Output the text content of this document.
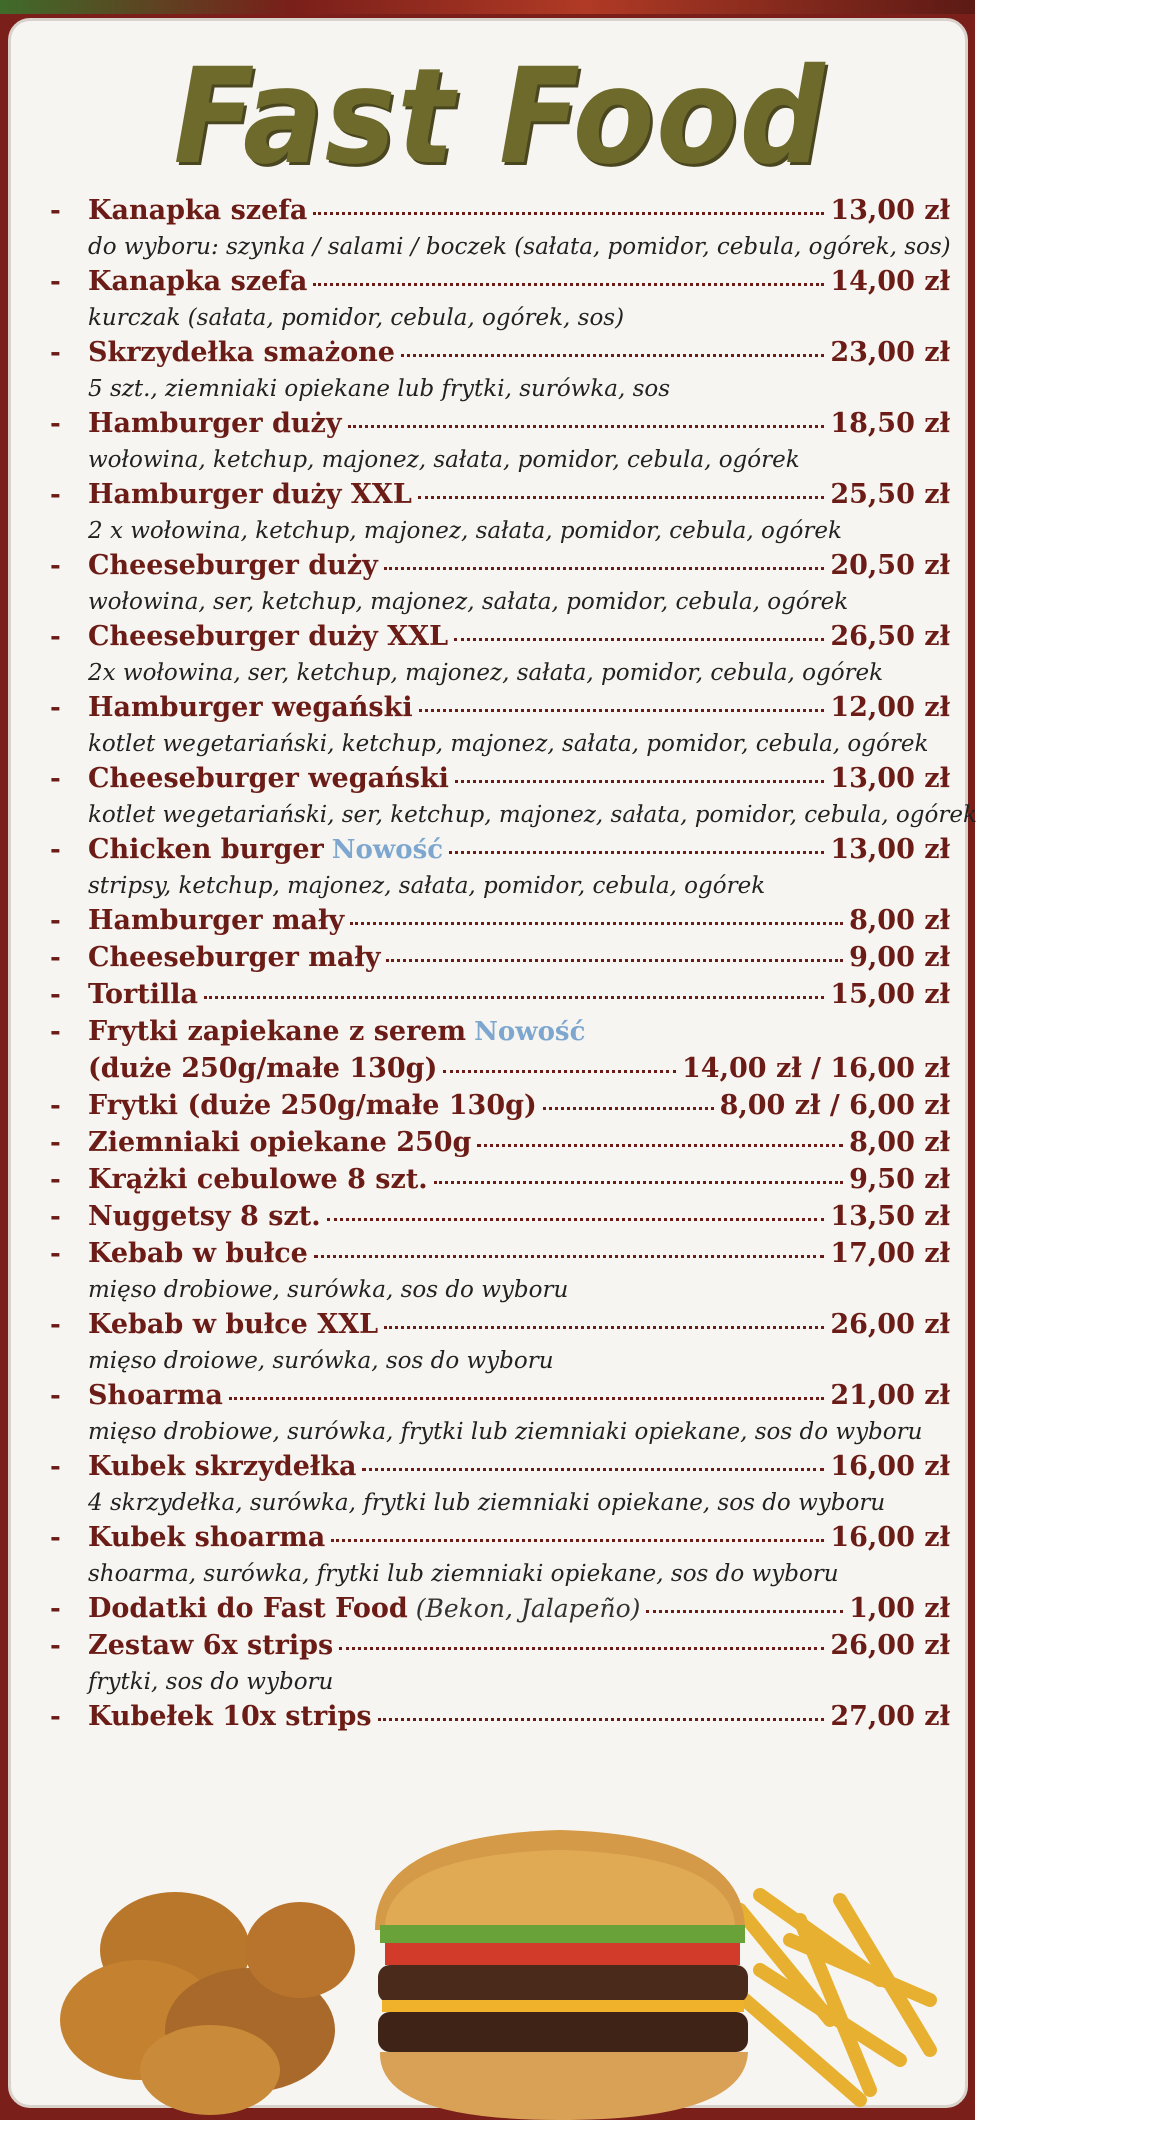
Fast Food
-	Kanapka szefa	13,00 zł
do wyboru: szynka / salami / boczek (sałata, pomidor, cebula, ogórek, sos)
-	Kanapka szefa	14,00 zł
kurczak (sałata, pomidor, cebula, ogórek, sos)
-	Skrzydełka smażone	23,00 zł
5 szt., ziemniaki opiekane lub frytki, surówka, sos
-	Hamburger duży	18,50 zł
wołowina, ketchup, majonez, sałata, pomidor, cebula, ogórek
-	Hamburger duży XXL	25,50 zł
2 x wołowina, ketchup, majonez, sałata, pomidor, cebula, ogórek
-	Cheeseburger duży	20,50 zł
wołowina, ser, ketchup, majonez, sałata, pomidor, cebula, ogórek
-	Cheeseburger duży XXL	26,50 zł
2x wołowina, ser, ketchup, majonez, sałata, pomidor, cebula, ogórek
-	Hamburger wegański	12,00 zł
kotlet wegetariański, ketchup, majonez, sałata, pomidor, cebula, ogórek
-	Cheeseburger wegański	13,00 zł
kotlet wegetariański, ser, ketchup, majonez, sałata, pomidor, cebula, ogórek
-	Chicken burger Nowość	13,00 zł
stripsy, ketchup, majonez, sałata, pomidor, cebula, ogórek
-	Hamburger mały	8,00 zł
-	Cheeseburger mały	9,00 zł
-	Tortilla	15,00 zł
-	Frytki zapiekane z serem Nowość
(duże 250g/małe 130g)	14,00 zł / 16,00 zł
-	Frytki (duże 250g/małe 130g)	8,00 zł / 6,00 zł
-	Ziemniaki opiekane 250g	8,00 zł
-	Krążki cebulowe 8 szt.	9,50 zł
-	Nuggetsy 8 szt.	13,50 zł
-	Kebab w bułce	17,00 zł
mięso drobiowe, surówka, sos do wyboru
-	Kebab w bułce XXL	26,00 zł
mięso droiowe, surówka, sos do wyboru
-	Shoarma	21,00 zł
mięso drobiowe, surówka, frytki lub ziemniaki opiekane, sos do wyboru
-	Kubek skrzydełka	16,00 zł
4 skrzydełka, surówka, frytki lub ziemniaki opiekane, sos do wyboru
-	Kubek shoarma	16,00 zł
shoarma, surówka, frytki lub ziemniaki opiekane, sos do wyboru
-	Dodatki do Fast Food (Bekon, Jalapeño)	1,00 zł
-	Zestaw 6x strips	26,00 zł
frytki, sos do wyboru
-	Kubełek 10x strips	27,00 zł
